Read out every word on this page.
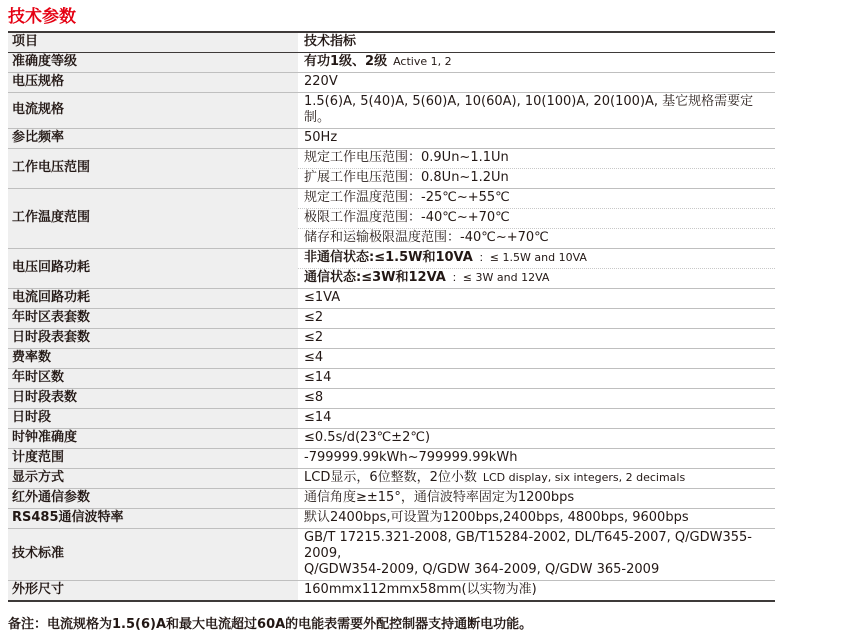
技术参数
项目	技术指标
准确度等级	有功1级、2级 Active 1, 2
电压规格	220V
电流规格	1.5(6)A, 5(40)A, 5(60)A, 10(60A), 10(100)A, 20(100)A, 基它规格需要定制。
参比频率	50Hz
工作电压范围	规定工作电压范围：0.9Un~1.1Un
	扩展工作电压范围：0.8Un~1.2Un
工作温度范围	规定工作温度范围：-25℃~+55℃
	极限工作温度范围：-40℃~+70℃
	储存和运输极限温度范围：-40℃~+70℃
电压回路功耗	非通信状态:≤1.5W和10VA ：≤ 1.5W and 10VA
	通信状态:≤3W和12VA ：≤ 3W and 12VA
电流回路功耗	≤1VA
年时区表套数	≤2
日时段表套数	≤2
费率数	≤4
年时区数	≤14
日时段表数	≤8
日时段	≤14
时钟准确度	≤0.5s/d(23℃±2℃)
计度范围	-799999.99kWh~799999.99kWh
显示方式	LCD显示，6位整数，2位小数 LCD display, six integers, 2 decimals
红外通信参数	通信角度≥±15°，通信波特率固定为1200bps
RS485通信波特率	默认2400bps,可设置为1200bps,2400bps, 4800bps, 9600bps
技术标准	GB/T 17215.321-2008, GB/T15284-2002, DL/T645-2007, Q/GDW355-2009,
Q/GDW354-2009, Q/GDW 364-2009, Q/GDW 365-2009

外形尺寸	160mmx112mmx58mm(以实物为准)
备注：电流规格为1.5(6)A和最大电流超过60A的电能表需要外配控制器支持通断电功能。
